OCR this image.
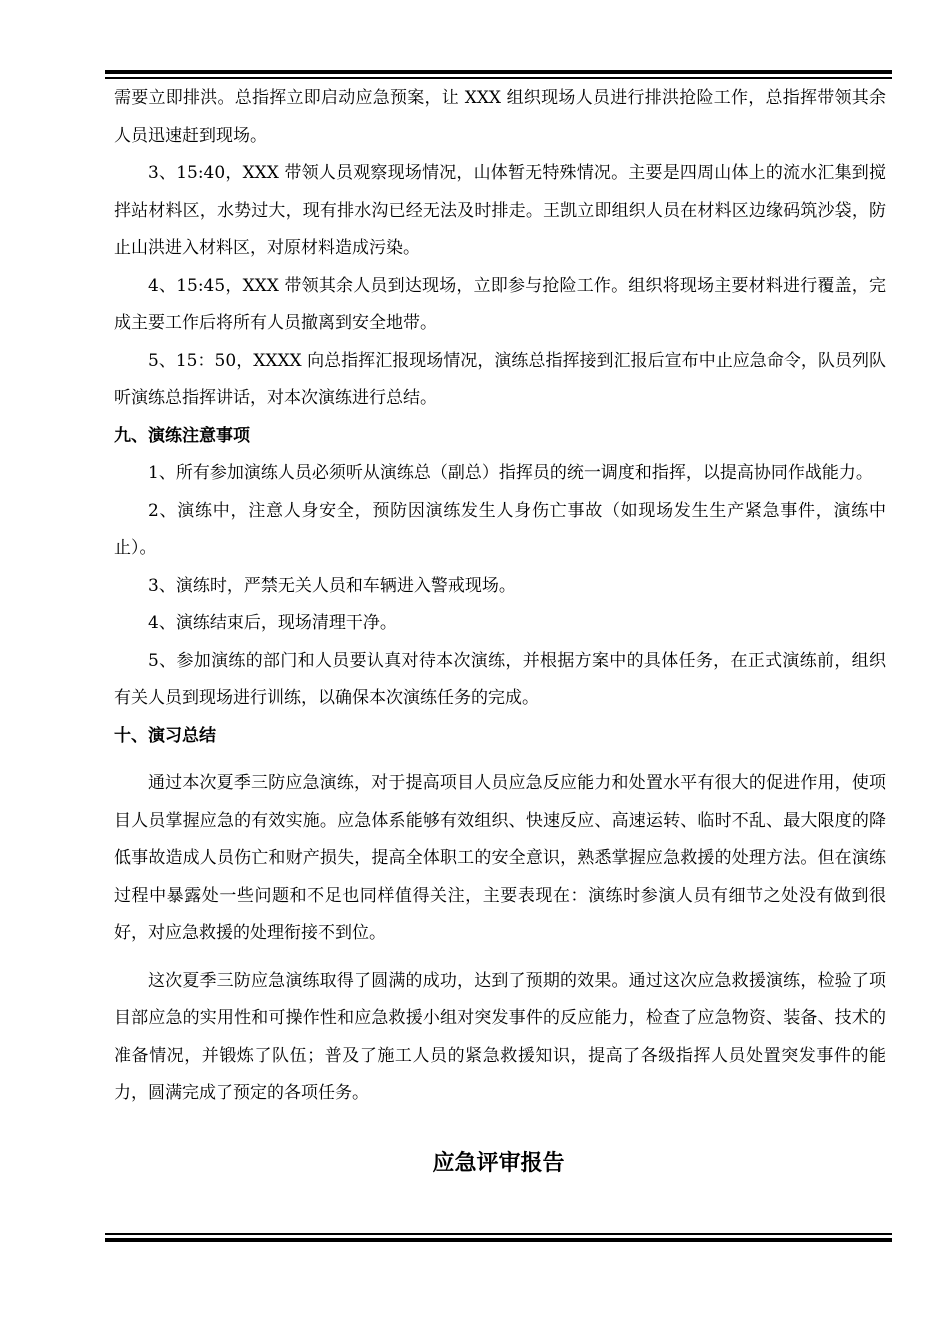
需要立即排洪。总指挥立即启动应急预案，让 XXX 组织现场人员进行排洪抢险工作，总指挥带领其余人员迅速赶到现场。

3、15:40，XXX 带领人员观察现场情况，山体暂无特殊情况。主要是四周山体上的流水汇集到搅拌站材料区，水势过大，现有排水沟已经无法及时排走。王凯立即组织人员在材料区边缘码筑沙袋，防止山洪进入材料区，对原材料造成污染。

4、15:45，XXX 带领其余人员到达现场，立即参与抢险工作。组织将现场主要材料进行覆盖，完成主要工作后将所有人员撤离到安全地带。

5、15：50，XXXX 向总指挥汇报现场情况，演练总指挥接到汇报后宣布中止应急命令，队员列队听演练总指挥讲话，对本次演练进行总结。

九、演练注意事项

1、所有参加演练人员必须听从演练总（副总）指挥员的统一调度和指挥，以提高协同作战能力。

2、演练中，注意人身安全，预防因演练发生人身伤亡事故（如现场发生生产紧急事件，演练中止）。

3、演练时，严禁无关人员和车辆进入警戒现场。

4、演练结束后，现场清理干净。

5、参加演练的部门和人员要认真对待本次演练，并根据方案中的具体任务，在正式演练前，组织有关人员到现场进行训练，以确保本次演练任务的完成。

十、演习总结

通过本次夏季三防应急演练，对于提高项目人员应急反应能力和处置水平有很大的促进作用，使项目人员掌握应急的有效实施。应急体系能够有效组织、快速反应、高速运转、临时不乱、最大限度的降低事故造成人员伤亡和财产损失，提高全体职工的安全意识，熟悉掌握应急救援的处理方法。但在演练过程中暴露处一些问题和不足也同样值得关注，主要表现在：演练时参演人员有细节之处没有做到很好，对应急救援的处理衔接不到位。

这次夏季三防应急演练取得了圆满的成功，达到了预期的效果。通过这次应急救援演练，检验了项目部应急的实用性和可操作性和应急救援小组对突发事件的反应能力，检查了应急物资、装备、技术的准备情况，并锻炼了队伍；普及了施工人员的紧急救援知识，提高了各级指挥人员处置突发事件的能力，圆满完成了预定的各项任务。

应急评审报告
